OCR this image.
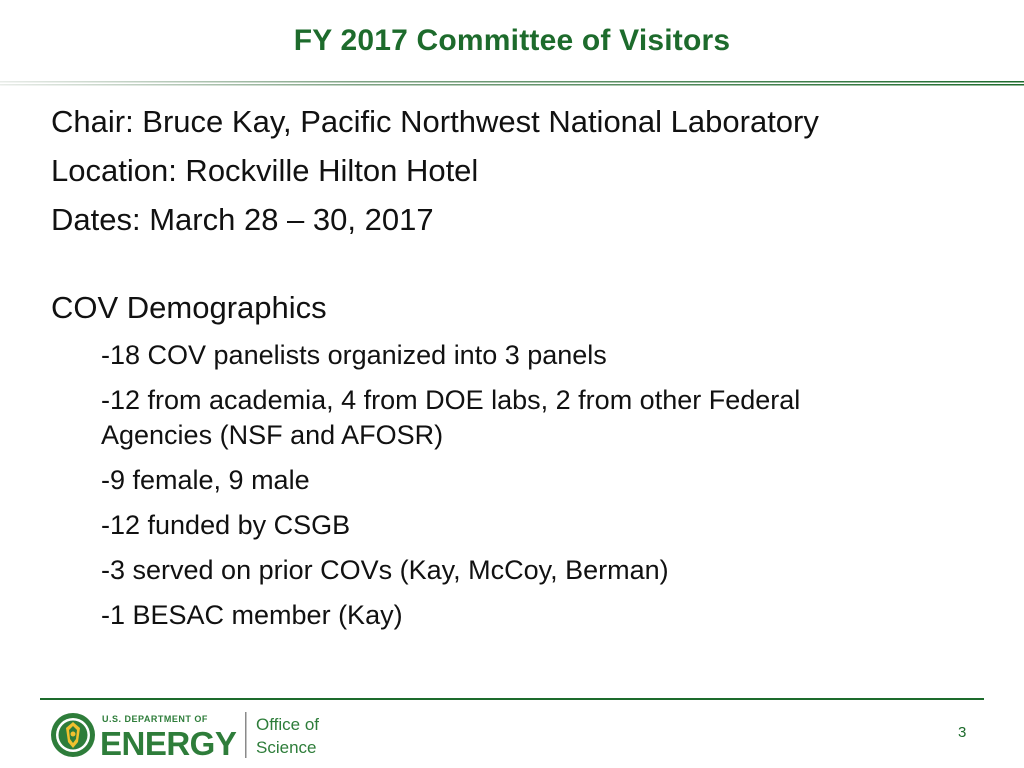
FY 2017 Committee of Visitors
Chair: Bruce Kay, Pacific Northwest National Laboratory
Location: Rockville Hilton Hotel
Dates: March 28 – 30, 2017
COV Demographics
-18 COV panelists organized into 3 panels
-12 from academia, 4 from DOE labs, 2 from other Federal
Agencies (NSF and AFOSR)
-9 female, 9 male
-12 funded by CSGB
-3 served on prior COVs (Kay, McCoy, Berman)
-1 BESAC member (Kay)
U.S. DEPARTMENT OF
ENERGY
Office of
Science
3
